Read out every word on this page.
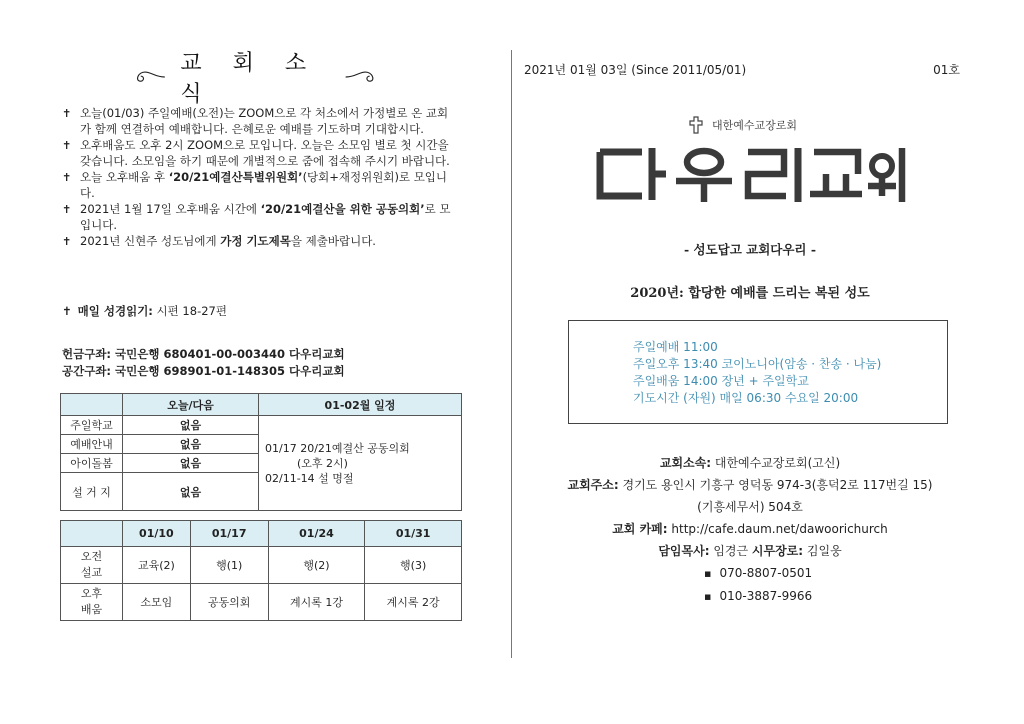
교 회 소 식
✝ 오늘(01/03) 주일예배(오전)는 ZOOM으로 각 처소에서 가정별로 온 교회가 함께 연결하여 예배합니다. 은혜로운 예배를 기도하며 기대합시다.
✝ 오후배움도 오후 2시 ZOOM으로 모입니다. 오늘은 소모임 별로 첫 시간을 갖습니다. 소모임을 하기 때문에 개별적으로 줌에 접속해 주시기 바랍니다.
✝ 오늘 오후배움 후 ‘20/21예결산특별위원회’(당회+재정위원회)로 모입니다.
✝ 2021년 1월 17일 오후배움 시간에 ‘20/21예결산을 위한 공동의회’로 모입니다.
✝ 2021년 신현주 성도님에게 가정 기도제목을 제출바랍니다.
✝ 매일 성경읽기: 시편 18-27편
헌금구좌: 국민은행 680401-00-003440 다우리교회
공간구좌: 국민은행 698901-01-148305 다우리교회
	오늘/다음	01-02월 일정
주일학교	없음	01/17 20/21예결산 공동의회
(오후 2시)
02/11-14 설 명절
예배안내	없음	
아이돌봄	없음	
설 거 지	없음	
	01/10	01/17	01/24	01/31
오전
설교	교육(2)	행(1)	행(2)	행(3)
오후
배움	소모임	공동의회	계시록 1강	계시록 2강
2021년 01월 03일 (Since 2011/05/01)	01호
대한예수교장로회
- 성도답고 교회다우리 -
2020년: 합당한 예배를 드리는 복된 성도
주일예배 11:00
주일오후 13:40 코이노니아(암송 · 찬송 · 나눔)
주일배움 14:00 장년 + 주일학교
기도시간 (자원) 매일 06:30 수요일 20:00
교회소속: 대한예수교장로회(고신)
교회주소: 경기도 용인시 기흥구 영덕동 974-3(흥덕2로 117번길 15)
(기흥세무서) 504호
교회 카페: http://cafe.daum.net/dawoorichurch
담임목사: 임경근 시무장로: 김일웅
▪ 070-8807-0501
▪ 010-3887-9966
